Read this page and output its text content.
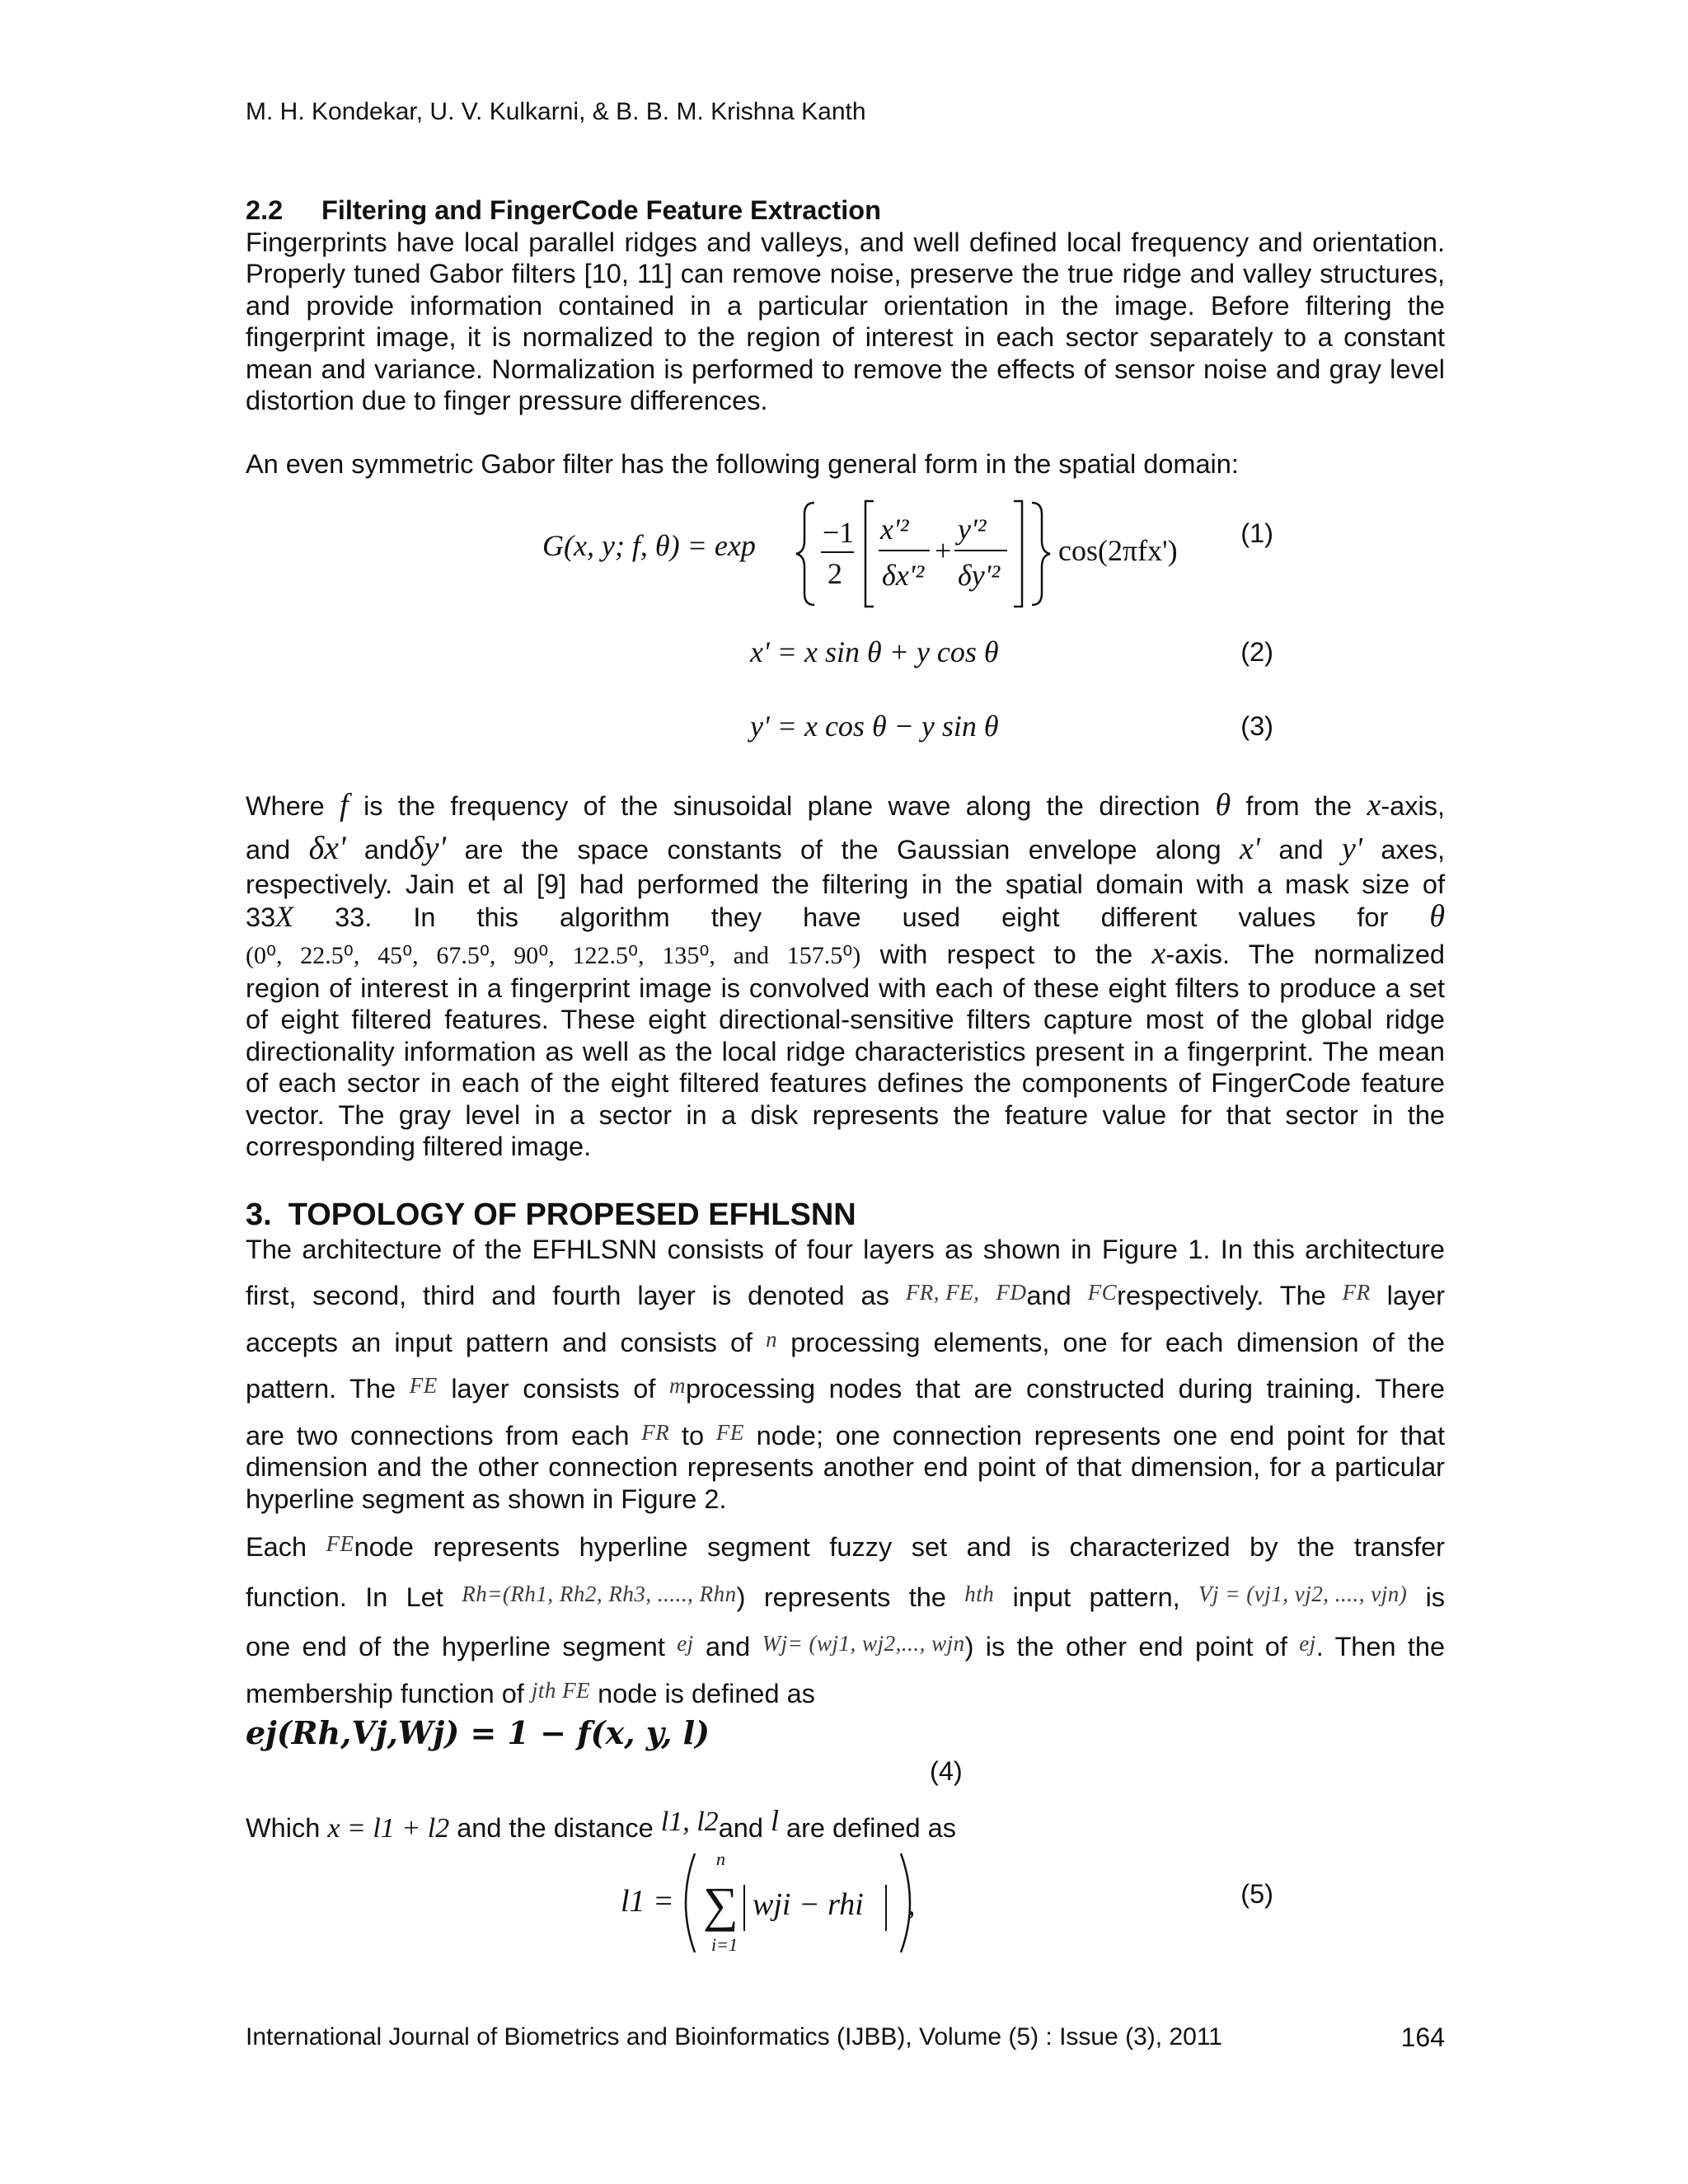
M. H. Kondekar, U. V. Kulkarni, & B. B. M. Krishna Kanth
2.2 Filtering and FingerCode Feature Extraction

Fingerprints have local parallel ridges and valleys, and well defined local frequency and orientation. Properly tuned Gabor filters [10, 11] can remove noise, preserve the true ridge and valley structures, and provide information contained in a particular orientation in the image. Before filtering the fingerprint image, it is normalized to the region of interest in each sector separately to a constant mean and variance. Normalization is performed to remove the effects of sensor noise and gray level distortion due to finger pressure differences.

An even symmetric Gabor filter has the following general form in the spatial domain:

G(x, y; f, θ) = exp −1
2
x'²
δx'²
+
y'²
δy'²
cos(2πfx')
(1)
x' = x sin θ + y cos θ	(2)
y' = x cos θ − y sin θ	(3)

Where f is the frequency of the sinusoidal plane wave along the direction θ from the x-axis,

and δx' andδy' are the space constants of the Gaussian envelope along x' and y' axes,

respectively. Jain et al [9] had performed the filtering in the spatial domain with a mask size of

33X 33. In this algorithm they have used eight different values for θ

(0⁰, 22.5⁰, 45⁰, 67.5⁰, 90⁰, 122.5⁰, 135⁰, and 157.5⁰) with respect to the x-axis. The normalized

region of interest in a fingerprint image is convolved with each of these eight filters to produce a set of eight filtered features. These eight directional-sensitive filters capture most of the global ridge directionality information as well as the local ridge characteristics present in a fingerprint. The mean of each sector in each of the eight filtered features defines the components of FingerCode feature vector. The gray level in a sector in a disk represents the feature value for that sector in the corresponding filtered image.

3. TOPOLOGY OF PROPESED EFHLSNN

The architecture of the EFHLSNN consists of four layers as shown in Figure 1. In this architecture

first, second, third and fourth layer is denoted as FR, FE, FDand FCrespectively. The FR layer

accepts an input pattern and consists of n processing elements, one for each dimension of the

pattern. The FE layer consists of mprocessing nodes that are constructed during training. There

are two connections from each FR to FE node; one connection represents one end point for that

dimension and the other connection represents another end point of that dimension, for a particular hyperline segment as shown in Figure 2.

Each FEnode represents hyperline segment fuzzy set and is characterized by the transfer

function. In Let Rh=(Rh1, Rh2, Rh3, ....., Rhn) represents the hth input pattern, Vj = (vj1, vj2, ...., vjn) is

one end of the hyperline segment ej and Wj= (wj1, wj2,..., wjn) is the other end point of ej. Then the

membership function of jth FE node is defined as

ej(Rh,Vj,Wj) = 1 − f(x, y, l)
(4)

Which x = l1 + l2 and the distance l1, l2and l are defined as

l1 =
n
∑
i=1
wji − rhi ,	(5)
International Journal of Biometrics and Bioinformatics (IJBB), Volume (5) : Issue (3), 2011	164
